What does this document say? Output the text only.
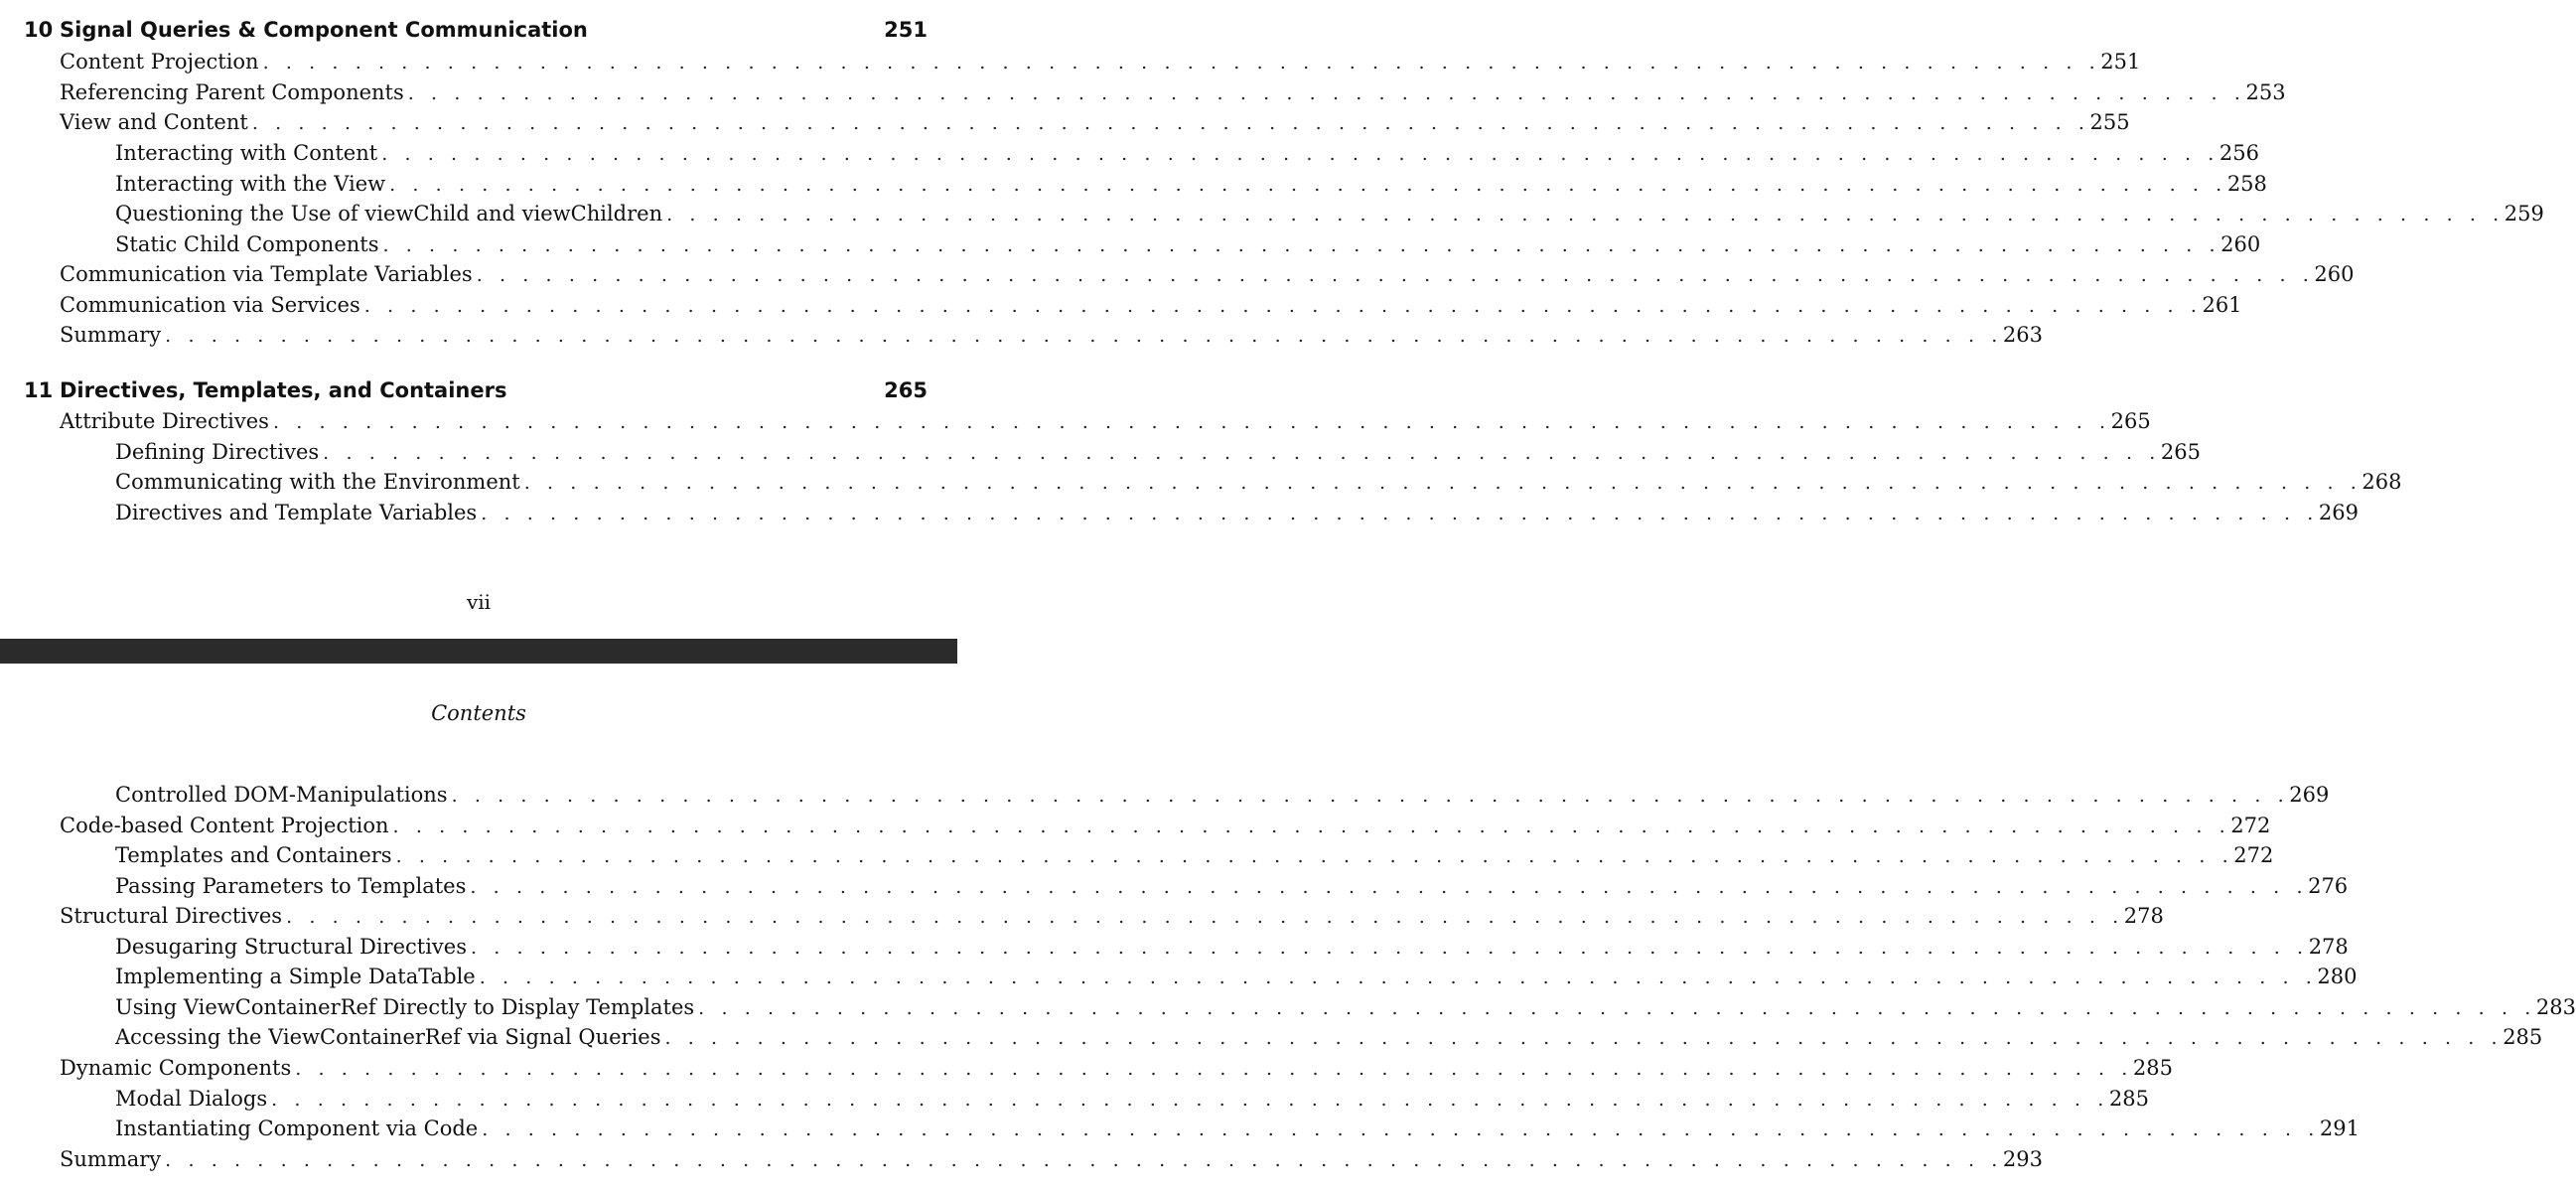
10 Signal Queries & Component Communication	251
Content Projection . . . . . . . . . . . . . . . . . . . . . . . . . . . . . . . . . . . . . . . . . . . . . . . . . . . . . . . . . . . . . . . . . . . . . . . . . . . . . . . . 251
Referencing Parent Components . . . . . . . . . . . . . . . . . . . . . . . . . . . . . . . . . . . . . . . . . . . . . . . . . . . . . . . . . . . . . . . . . . . . . . . . . . . . . . . . 253
View and Content . . . . . . . . . . . . . . . . . . . . . . . . . . . . . . . . . . . . . . . . . . . . . . . . . . . . . . . . . . . . . . . . . . . . . . . . . . . . . . . . 255
Interacting with Content . . . . . . . . . . . . . . . . . . . . . . . . . . . . . . . . . . . . . . . . . . . . . . . . . . . . . . . . . . . . . . . . . . . . . . . . . . . . . . . . 256
Interacting with the View . . . . . . . . . . . . . . . . . . . . . . . . . . . . . . . . . . . . . . . . . . . . . . . . . . . . . . . . . . . . . . . . . . . . . . . . . . . . . . . . 258
Questioning the Use of viewChild and viewChildren . . . . . . . . . . . . . . . . . . . . . . . . . . . . . . . . . . . . . . . . . . . . . . . . . . . . . . . . . . . . . . . . . . . . . . . . . . . . . . . . 259
Static Child Components . . . . . . . . . . . . . . . . . . . . . . . . . . . . . . . . . . . . . . . . . . . . . . . . . . . . . . . . . . . . . . . . . . . . . . . . . . . . . . . . 260
Communication via Template Variables . . . . . . . . . . . . . . . . . . . . . . . . . . . . . . . . . . . . . . . . . . . . . . . . . . . . . . . . . . . . . . . . . . . . . . . . . . . . . . . . 260
Communication via Services . . . . . . . . . . . . . . . . . . . . . . . . . . . . . . . . . . . . . . . . . . . . . . . . . . . . . . . . . . . . . . . . . . . . . . . . . . . . . . . . 261
Summary . . . . . . . . . . . . . . . . . . . . . . . . . . . . . . . . . . . . . . . . . . . . . . . . . . . . . . . . . . . . . . . . . . . . . . . . . . . . . . . . 263
11 Directives, Templates, and Containers	265
Attribute Directives . . . . . . . . . . . . . . . . . . . . . . . . . . . . . . . . . . . . . . . . . . . . . . . . . . . . . . . . . . . . . . . . . . . . . . . . . . . . . . . . 265
Defining Directives . . . . . . . . . . . . . . . . . . . . . . . . . . . . . . . . . . . . . . . . . . . . . . . . . . . . . . . . . . . . . . . . . . . . . . . . . . . . . . . . 265
Communicating with the Environment . . . . . . . . . . . . . . . . . . . . . . . . . . . . . . . . . . . . . . . . . . . . . . . . . . . . . . . . . . . . . . . . . . . . . . . . . . . . . . . . 268
Directives and Template Variables . . . . . . . . . . . . . . . . . . . . . . . . . . . . . . . . . . . . . . . . . . . . . . . . . . . . . . . . . . . . . . . . . . . . . . . . . . . . . . . . 269
vii
Contents
Controlled DOM-Manipulations . . . . . . . . . . . . . . . . . . . . . . . . . . . . . . . . . . . . . . . . . . . . . . . . . . . . . . . . . . . . . . . . . . . . . . . . . . . . . . . . 269
Code-based Content Projection . . . . . . . . . . . . . . . . . . . . . . . . . . . . . . . . . . . . . . . . . . . . . . . . . . . . . . . . . . . . . . . . . . . . . . . . . . . . . . . . 272
Templates and Containers . . . . . . . . . . . . . . . . . . . . . . . . . . . . . . . . . . . . . . . . . . . . . . . . . . . . . . . . . . . . . . . . . . . . . . . . . . . . . . . . 272
Passing Parameters to Templates . . . . . . . . . . . . . . . . . . . . . . . . . . . . . . . . . . . . . . . . . . . . . . . . . . . . . . . . . . . . . . . . . . . . . . . . . . . . . . . . 276
Structural Directives . . . . . . . . . . . . . . . . . . . . . . . . . . . . . . . . . . . . . . . . . . . . . . . . . . . . . . . . . . . . . . . . . . . . . . . . . . . . . . . . 278
Desugaring Structural Directives . . . . . . . . . . . . . . . . . . . . . . . . . . . . . . . . . . . . . . . . . . . . . . . . . . . . . . . . . . . . . . . . . . . . . . . . . . . . . . . . 278
Implementing a Simple DataTable . . . . . . . . . . . . . . . . . . . . . . . . . . . . . . . . . . . . . . . . . . . . . . . . . . . . . . . . . . . . . . . . . . . . . . . . . . . . . . . . 280
Using ViewContainerRef Directly to Display Templates . . . . . . . . . . . . . . . . . . . . . . . . . . . . . . . . . . . . . . . . . . . . . . . . . . . . . . . . . . . . . . . . . . . . . . . . . . . . . . . . 283
Accessing the ViewContainerRef via Signal Queries . . . . . . . . . . . . . . . . . . . . . . . . . . . . . . . . . . . . . . . . . . . . . . . . . . . . . . . . . . . . . . . . . . . . . . . . . . . . . . . . 285
Dynamic Components . . . . . . . . . . . . . . . . . . . . . . . . . . . . . . . . . . . . . . . . . . . . . . . . . . . . . . . . . . . . . . . . . . . . . . . . . . . . . . . . 285
Modal Dialogs . . . . . . . . . . . . . . . . . . . . . . . . . . . . . . . . . . . . . . . . . . . . . . . . . . . . . . . . . . . . . . . . . . . . . . . . . . . . . . . . 285
Instantiating Component via Code . . . . . . . . . . . . . . . . . . . . . . . . . . . . . . . . . . . . . . . . . . . . . . . . . . . . . . . . . . . . . . . . . . . . . . . . . . . . . . . . 291
Summary . . . . . . . . . . . . . . . . . . . . . . . . . . . . . . . . . . . . . . . . . . . . . . . . . . . . . . . . . . . . . . . . . . . . . . . . . . . . . . . . 293
